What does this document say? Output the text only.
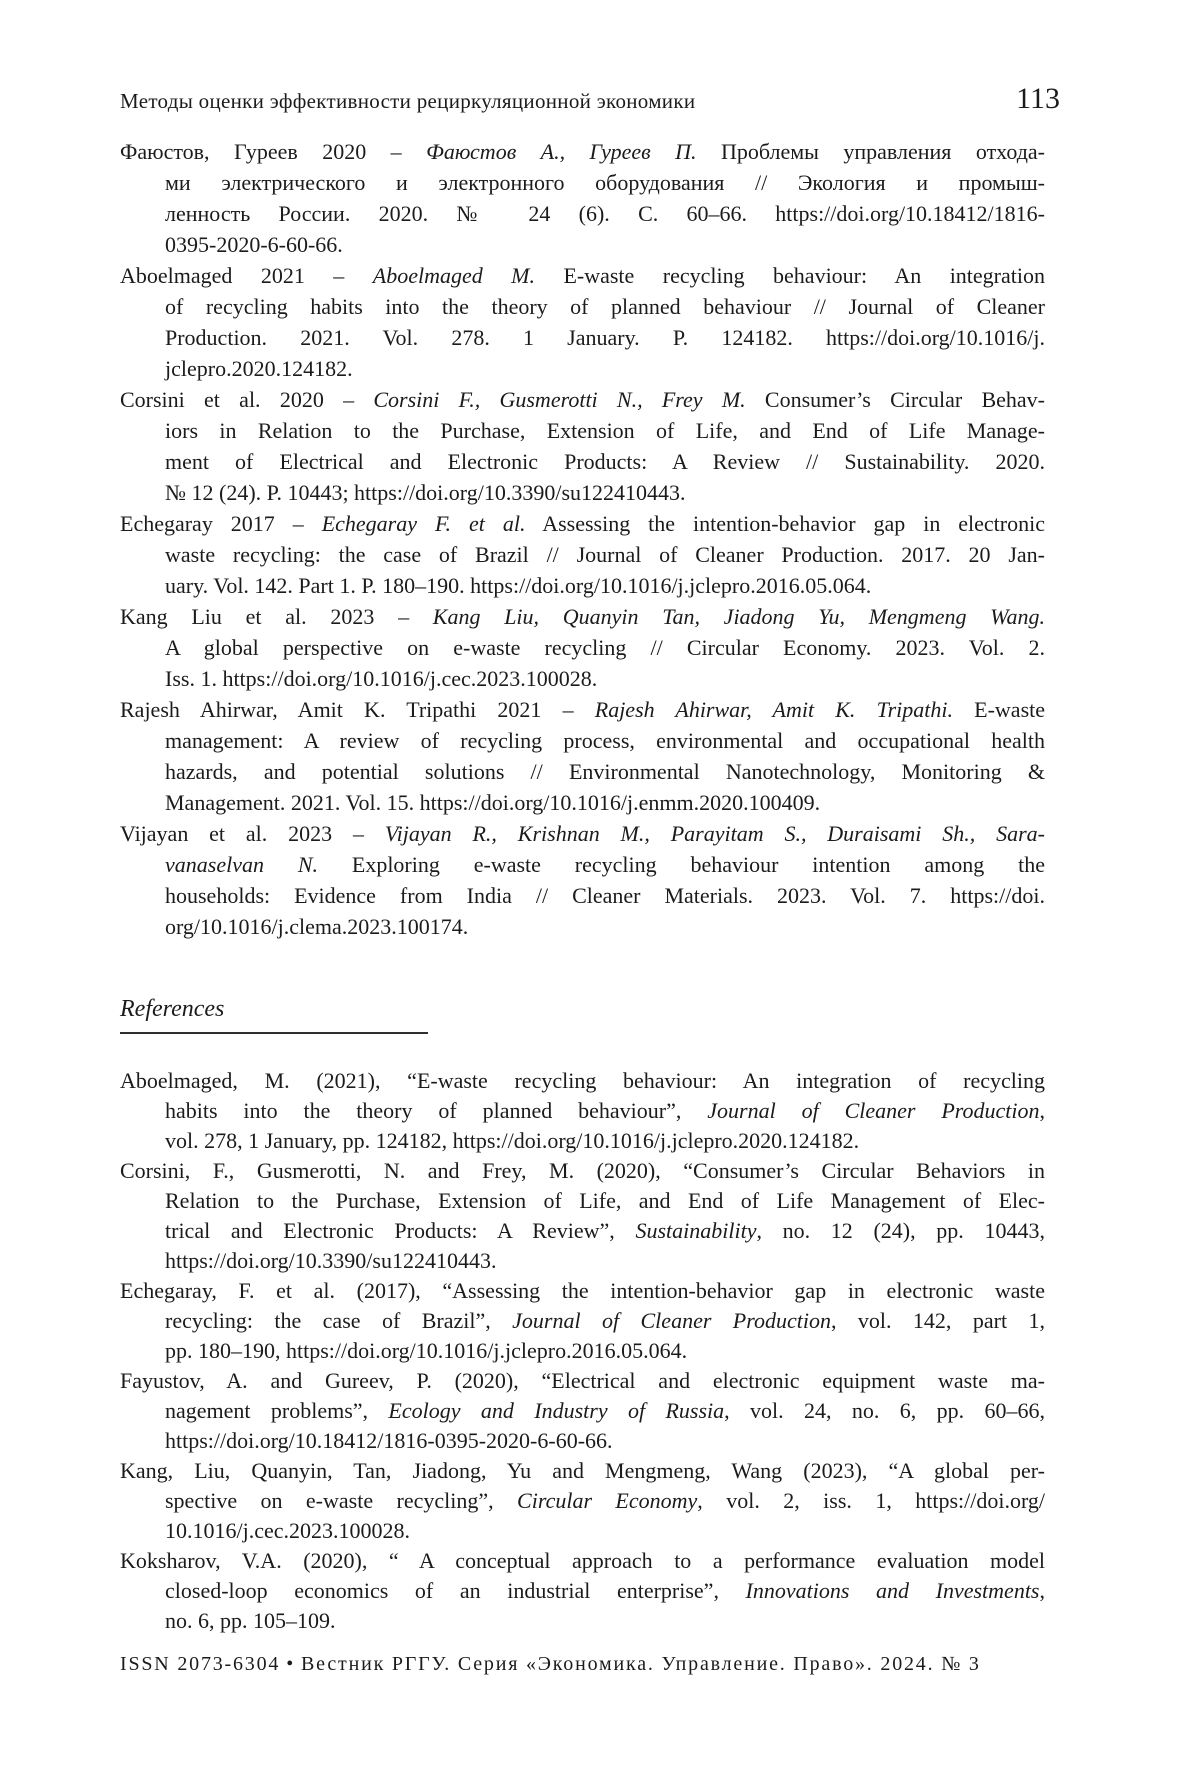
Методы оценки эффективности рециркуляционной экономики	113
Фаюстов, Гуреев 2020 – Фаюстов А., Гуреев П. Проблемы управления отхода-
ми электрического и электронного оборудования // Экология и промыш-
ленность России. 2020. № 24 (6). С. 60–66. https://doi.org/10.18412/1816-
0395-2020-6-60-66.
Aboelmaged 2021 – Aboelmaged M. E-waste recycling behaviour: An integration
of recycling habits into the theory of planned behaviour // Journal of Cleaner
Production. 2021. Vol. 278. 1 January. P. 124182. https://doi.org/10.1016/j.
jclepro.2020.124182.
Corsini et al. 2020 – Corsini F., Gusmerotti N., Frey M. Consumer’s Circular Behav-
iors in Relation to the Purchase, Extension of Life, and End of Life Manage-
ment of Electrical and Electronic Products: A Review // Sustainability. 2020.
№ 12 (24). P. 10443; https://doi.org/10.3390/su122410443.
Echegaray 2017 – Echegaray F. et al. Assessing the intention-behavior gap in electronic
waste recycling: the case of Brazil // Journal of Cleaner Production. 2017. 20 Jan-
uary. Vol. 142. Part 1. P. 180–190. https://doi.org/10.1016/j.jclepro.2016.05.064.
Kang Liu et al. 2023 – Kang Liu, Quanyin Tan, Jiadong Yu, Mengmeng Wang.
A global perspective on e-waste recycling // Circular Economy. 2023. Vol. 2.
Iss. 1. https://doi.org/10.1016/j.cec.2023.100028.
Rajesh Ahirwar, Amit K. Tripathi 2021 – Rajesh Ahirwar, Amit K. Tripathi. E-waste
management: A review of recycling process, environmental and occupational health
hazards, and potential solutions // Environmental Nanotechnology, Monitoring &
Management. 2021. Vol. 15. https://doi.org/10.1016/j.enmm.2020.100409.
Vijayan et al. 2023 – Vijayan R., Krishnan M., Parayitam S., Duraisami Sh., Sara-
vanaselvan N. Exploring e-waste recycling behaviour intention among the
households: Evidence from India // Cleaner Materials. 2023. Vol. 7. https://doi.
org/10.1016/j.clema.2023.100174.
References
Aboelmaged, M. (2021), “E-waste recycling behaviour: An integration of recycling
habits into the theory of planned behaviour”, Journal of Cleaner Production,
vol. 278, 1 January, pp. 124182, https://doi.org/10.1016/j.jclepro.2020.124182.
Corsini, F., Gusmerotti, N. and Frey, M. (2020), “Consumer’s Circular Behaviors in
Relation to the Purchase, Extension of Life, and End of Life Management of Elec-
trical and Electronic Products: A Review”, Sustainability, no. 12 (24), pp. 10443,
https://doi.org/10.3390/su122410443.
Echegaray, F. et al. (2017), “Assessing the intention-behavior gap in electronic waste
recycling: the case of Brazil”, Journal of Cleaner Production, vol. 142, part 1,
pp. 180–190, https://doi.org/10.1016/j.jclepro.2016.05.064.
Fayustov, A. and Gureev, P. (2020), “Electrical and electronic equipment waste ma-
nagement problems”, Ecology and Industry of Russia, vol. 24, no. 6, pp. 60–66,
https://doi.org/10.18412/1816-0395-2020-6-60-66.
Kang, Liu, Quanyin, Tan, Jiadong, Yu and Mengmeng, Wang (2023), “A global per-
spective on e-waste recycling”, Circular Economy, vol. 2, iss. 1, https://doi.org/
10.1016/j.cec.2023.100028.
Koksharov, V.A. (2020), “ A conceptual approach to a performance evaluation model
closed-loop economics of an industrial enterprise”, Innovations and Investments,
no. 6, pp. 105–109.
ISSN 2073-6304 • Вестник РГГУ. Серия «Экономика. Управление. Право». 2024. № 3
